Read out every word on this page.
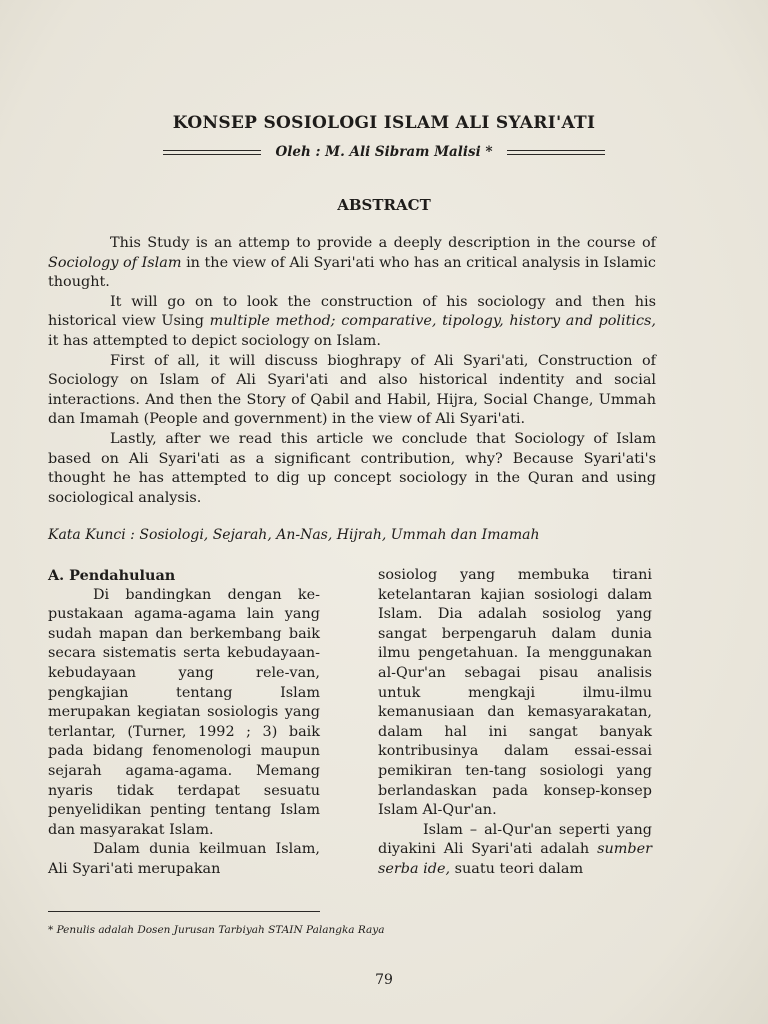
KONSEP SOSIOLOGI ISLAM ALI SYARI'ATI
Oleh : M. Ali Sibram Malisi *
ABSTRACT

This Study is an attemp to provide a deeply description in the course of Sociology of Islam in the view of Ali Syari'ati who has an critical analysis in Islamic thought.

It will go on to look the construction of his sociology and then his historical view Using multiple method; comparative, tipology, history and politics, it has attempted to depict sociology on Islam.

First of all, it will discuss bioghrapy of Ali Syari'ati, Construction of Sociology on Islam of Ali Syari'ati and also historical indentity and social interactions. And then the Story of Qabil and Habil, Hijra, Social Change, Ummah dan Imamah (People and government) in the view of Ali Syari'ati.

Lastly, after we read this article we conclude that Sociology of Islam based on Ali Syari'ati as a significant contribution, why? Because Syari'ati's thought he has attempted to dig up concept sociology in the Quran and using sociological analysis.

Kata Kunci : Sosiologi, Sejarah, An-Nas, Hijrah, Ummah dan Imamah
A. Pendahuluan

Di bandingkan dengan ke-pustakaan agama-agama lain yang sudah mapan dan berkembang baik secara sistematis serta kebudayaan-kebudayaan yang rele-van, pengkajian tentang Islam merupakan kegiatan sosiologis yang terlantar, (Turner, 1992 ; 3) baik pada bidang fenomenologi maupun sejarah agama-agama. Memang nyaris tidak terdapat sesuatu penyelidikan penting tentang Islam dan masyarakat Islam.

Dalam dunia keilmuan Islam, Ali Syari'ati merupakan

sosiolog yang membuka tirani ketelantaran kajian sosiologi dalam Islam. Dia adalah sosiolog yang sangat berpengaruh dalam dunia ilmu pengetahuan. Ia menggunakan al-Qur'an sebagai pisau analisis untuk mengkaji ilmu-ilmu kemanusiaan dan kemasyarakatan, dalam hal ini sangat banyak kontribusinya dalam essai-essai pemikiran ten-tang sosiologi yang berlandaskan pada konsep-konsep Islam Al-Qur'an.

Islam – al-Qur'an seperti yang diyakini Ali Syari'ati adalah sumber serba ide, suatu teori dalam

* Penulis adalah Dosen Jurusan Tarbiyah STAIN Palangka Raya
79
